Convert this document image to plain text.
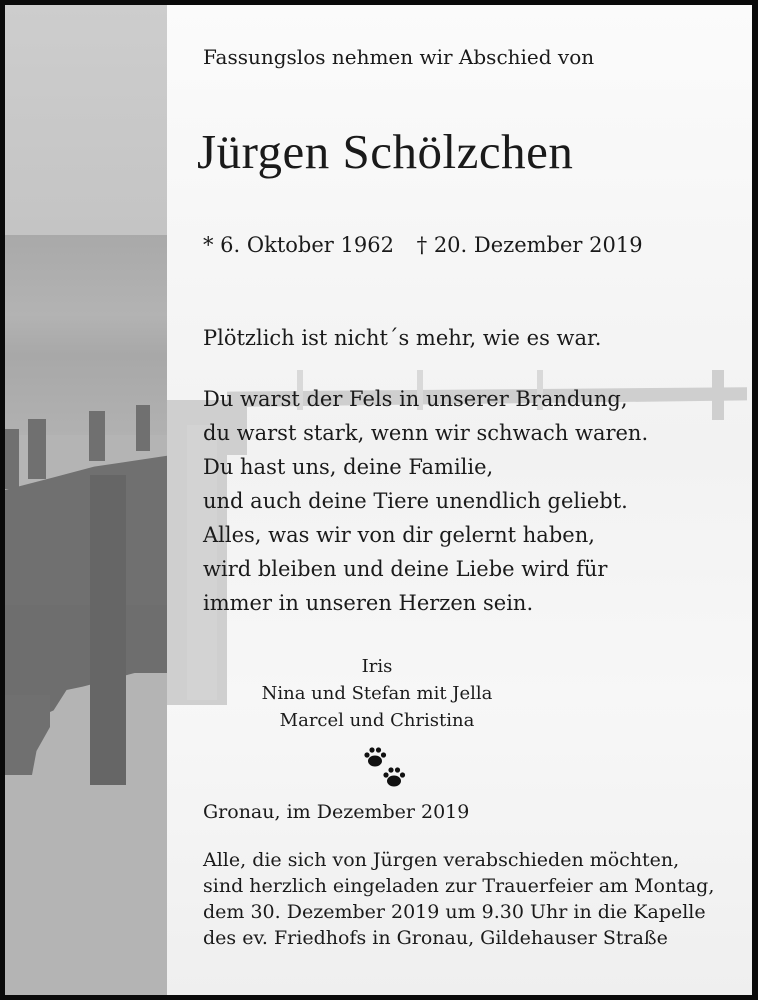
Fassungslos nehmen wir Abschied von
Jürgen Schölzchen
* 6. Oktober 1962 † 20. Dezember 2019
Plötzlich ist nicht´s mehr, wie es war.
Du warst der Fels in unserer Brandung,
du warst stark, wenn wir schwach waren.
Du hast uns, deine Familie,
und auch deine Tiere unendlich geliebt.
Alles, was wir von dir gelernt haben,
wird bleiben und deine Liebe wird für
immer in unseren Herzen sein.
Iris
Nina und Stefan mit Jella
Marcel und Christina
Gronau, im Dezember 2019
Alle, die sich von Jürgen verabschieden möchten,
sind herzlich eingeladen zur Trauerfeier am Montag,
dem 30. Dezember 2019 um 9.30 Uhr in die Kapelle
des ev. Friedhofs in Gronau, Gildehauser Straße
